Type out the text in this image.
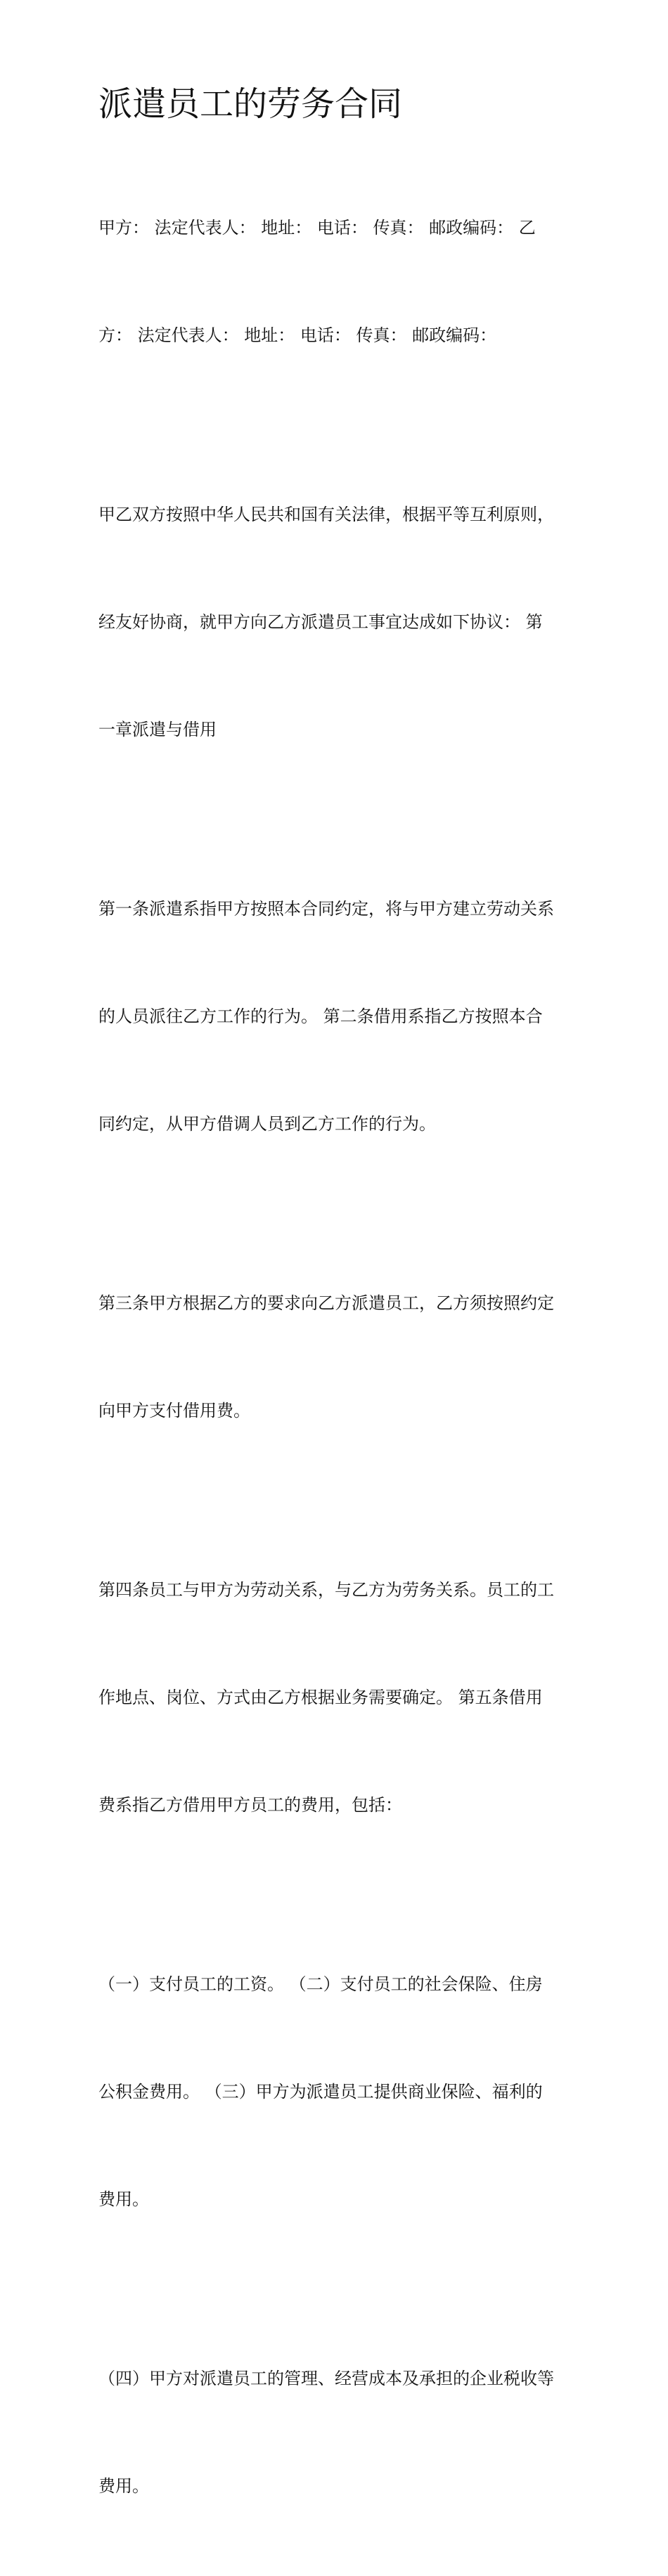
派遣员工的劳务合同

甲方： 法定代表人： 地址： 电话： 传真： 邮政编码： 乙

方： 法定代表人： 地址： 电话： 传真： 邮政编码：

甲乙双方按照中华人民共和国有关法律，根据平等互利原则，

经友好协商，就甲方向乙方派遣员工事宜达成如下协议： 第

一章派遣与借用

第一条派遣系指甲方按照本合同约定，将与甲方建立劳动关系

的人员派往乙方工作的行为。 第二条借用系指乙方按照本合

同约定，从甲方借调人员到乙方工作的行为。

第三条甲方根据乙方的要求向乙方派遣员工，乙方须按照约定

向甲方支付借用费。

第四条员工与甲方为劳动关系，与乙方为劳务关系。员工的工

作地点、岗位、方式由乙方根据业务需要确定。 第五条借用

费系指乙方借用甲方员工的费用，包括：

（一）支付员工的工资。 （二）支付员工的社会保险、住房

公积金费用。 （三）甲方为派遣员工提供商业保险、福利的

费用。

（四）甲方对派遣员工的管理、经营成本及承担的企业税收等

费用。
